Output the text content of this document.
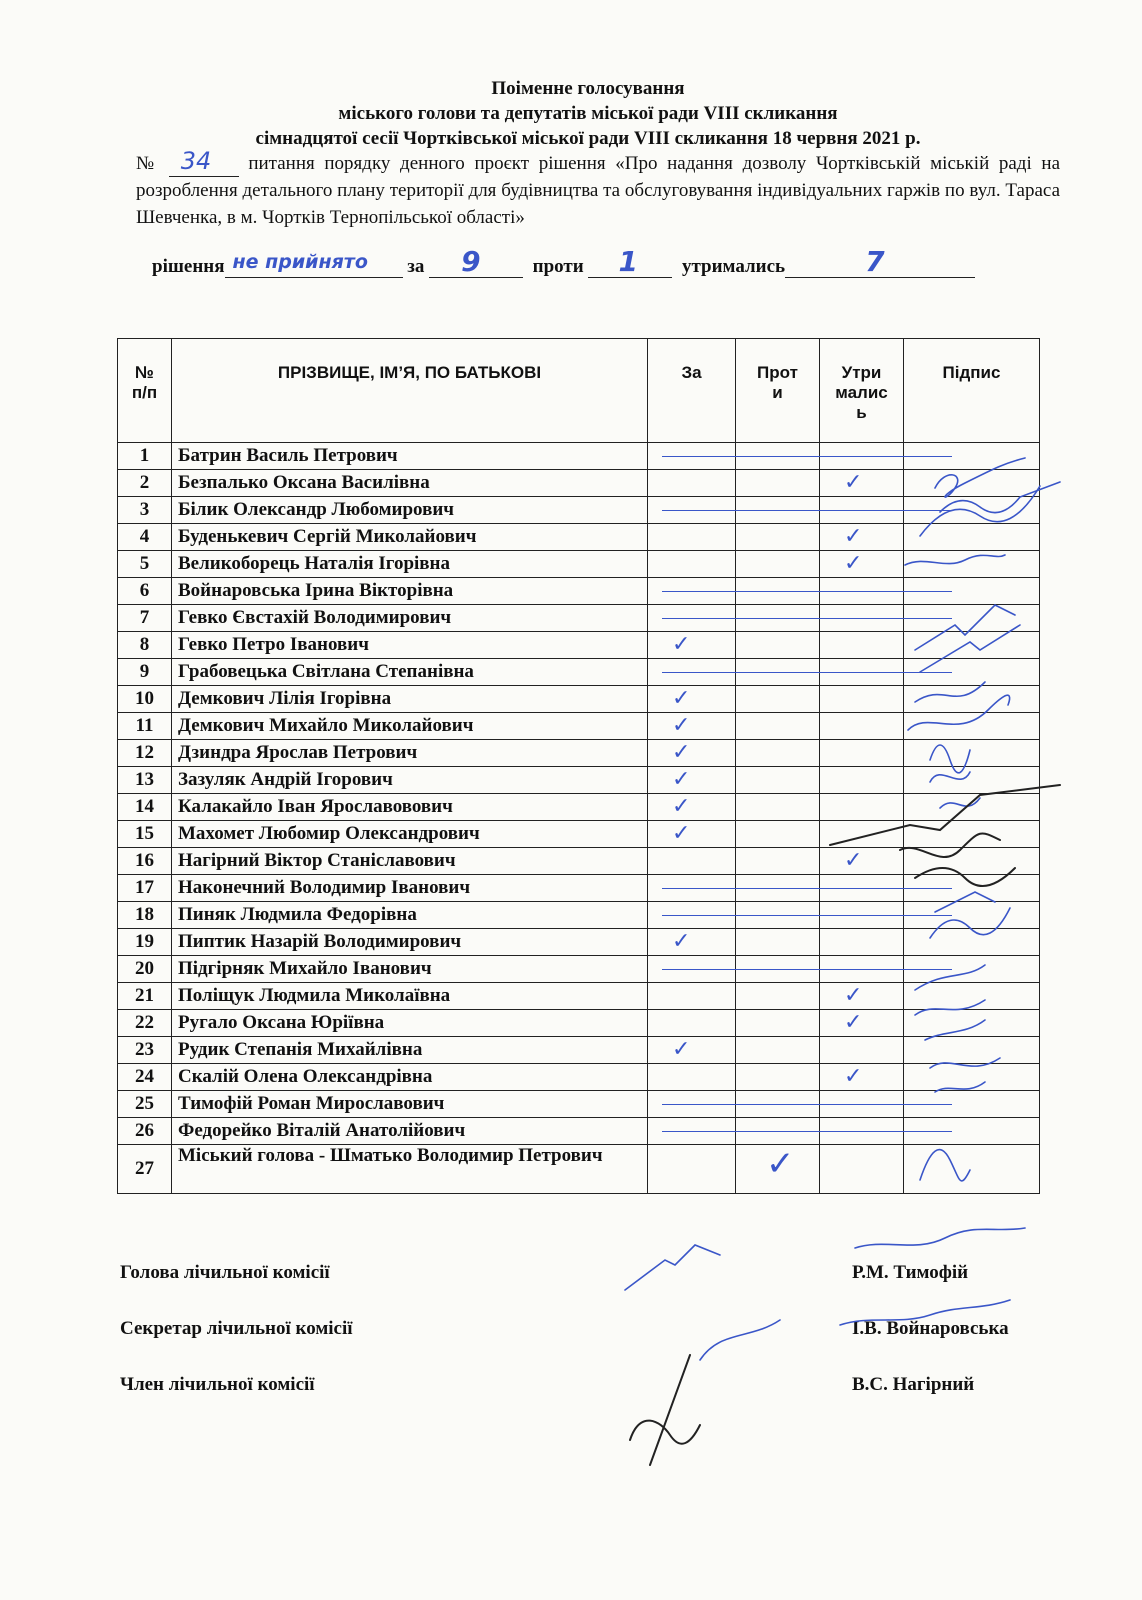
Поіменне голосування
міського голови та депутатів міської ради VIII скликання
сімнадцятої сесії Чортківської міської ради VIII скликання 18 червня 2021 р.
№ 34 питання порядку денного проєкт рішення «Про надання дозволу Чортківській міській раді на розроблення детального плану території для будівництва та обслуговування індивідуальних гаржів по вул. Тараса Шевченка, в м. Чортків Тернопільської області»
рішення не прийнято за 9	проти 1 утримались	7
№
п/п	ПРІЗВИЩЕ, ІМ’Я, ПО БАТЬКОВІ	За	Прот
и	Утри
малис
ь	Підпис
1	Батрин Василь Петрович	

2	Безпалько Оксана Василівна			✓	

3	Білик Олександр Любомирович	

4	Буденькевич Сергій Миколайович			✓	

5	Великоборець Наталія Ігорівна			✓	

6	Войнаровська Ірина Вікторівна	

7	Гевко Євстахій Володимирович	

8	Гевко Петро Іванович	✓			

9	Грабовецька Світлана Степанівна	

10	Демкович Лілія Ігорівна	✓			

11	Демкович Михайло Миколайович	✓			

12	Дзиндра Ярослав Петрович	✓			

13	Зазуляк Андрій Ігорович	✓			

14	Калакайло Іван Ярославовович	✓			

15	Махомет Любомир Олександрович	✓			

16	Нагірний Віктор Станіславович			✓	

17	Наконечний Володимир Іванович	

18	Пиняк Людмила Федорівна	

19	Пиптик Назарій Володимирович	✓			

20	Підгірняк Михайло Іванович	

21	Поліщук Людмила Миколаївна			✓	

22	Ругало Оксана Юріївна			✓	

23	Рудик Степанія Михайлівна	✓			

24	Скалій Олена Олександрівна			✓	

25	Тимофій Роман Мирославович	

26	Федорейко Віталій Анатолійович	

27	Міський голова - Шматько Володимир Петрович		✓		

Голова лічильної комісії	Р.М. Тимофій
Секретар лічильної комісії	І.В. Войнаровська
Член лічильної комісії	В.С. Нагірний
